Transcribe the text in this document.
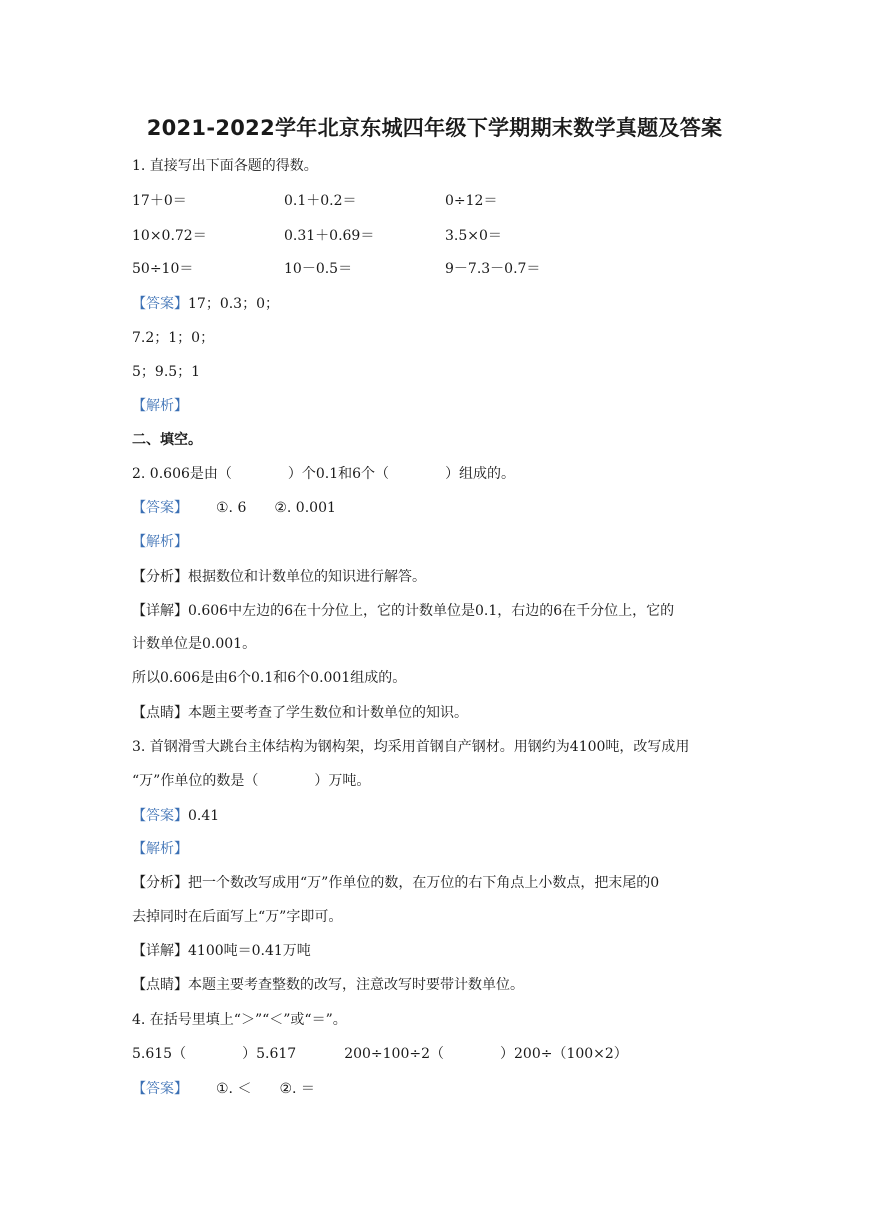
2021-2022学年北京东城四年级下学期期末数学真题及答案
1. 直接写出下面各题的得数。
17＋0＝	0.1＋0.2＝	0÷12＝
10×0.72＝	0.31＋0.69＝	3.5×0＝
50÷10＝	10－0.5＝	9－7.3－0.7＝
【答案】17；0.3；0；
7.2；1；0；
5；9.5；1
【解析】
二、填空。
2. 0.606是由（	）个0.1和6个（	）组成的。
【答案】 ①. 6 ②. 0.001
【解析】
【分析】根据数位和计数单位的知识进行解答。
【详解】0.606中左边的6在十分位上，它的计数单位是0.1，右边的6在千分位上，它的
计数单位是0.001。
所以0.606是由6个0.1和6个0.001组成的。
【点睛】本题主要考查了学生数位和计数单位的知识。
3. 首钢滑雪大跳台主体结构为钢构架，均采用首钢自产钢材。用钢约为4100吨，改写成用
“万”作单位的数是（	）万吨。
【答案】0.41
【解析】
【分析】把一个数改写成用“万”作单位的数，在万位的右下角点上小数点，把末尾的0
去掉同时在后面写上“万”字即可。
【详解】4100吨＝0.41万吨
【点睛】本题主要考查整数的改写，注意改写时要带计数单位。
4. 在括号里填上“＞”“＜”或“＝”。
5.615（	）5.617	200÷100÷2（	）200÷（100×2）
【答案】 ①. ＜ ②. ＝
